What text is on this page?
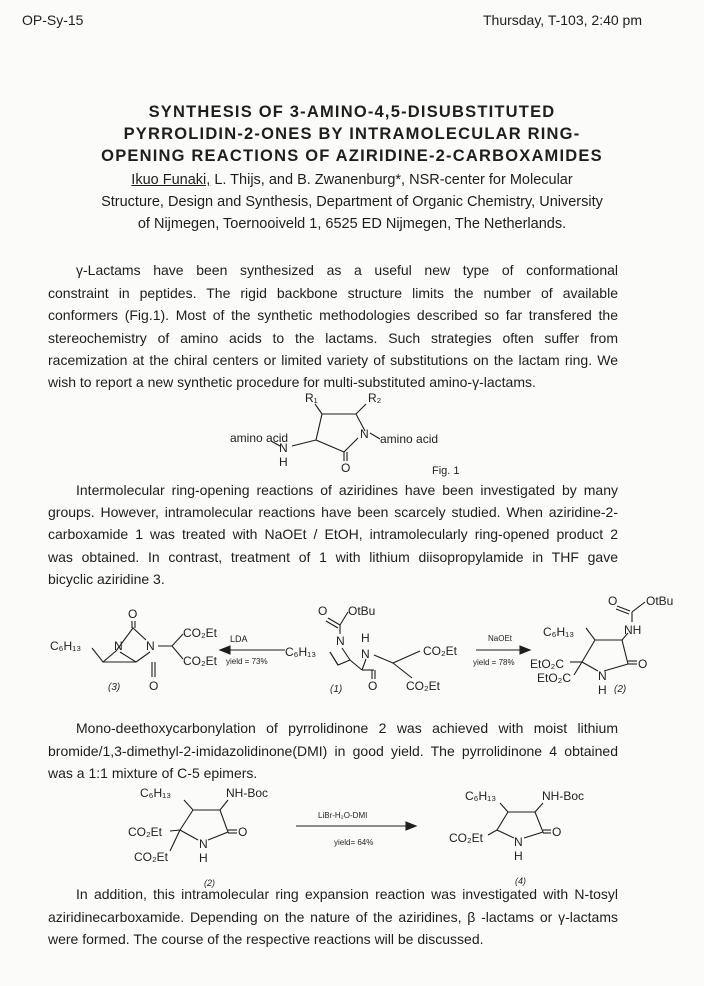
OP-Sy-15	Thursday, T-103, 2:40 pm
SYNTHESIS OF 3-AMINO-4,5-DISUBSTITUTED
PYRROLIDIN-2-ONES BY INTRAMOLECULAR RING-
OPENING REACTIONS OF AZIRIDINE-2-CARBOXAMIDES
Ikuo Funaki, L. Thijs, and B. Zwanenburg*, NSR-center for Molecular
Structure, Design and Synthesis, Department of Organic Chemistry, University
of Nijmegen, Toernooiveld 1, 6525 ED Nijmegen, The Netherlands.
γ-Lactams have been synthesized as a useful new type of conformational
constraint in peptides. The rigid backbone structure limits the number of available
conformers (Fig.1). Most of the synthetic methodologies described so far transfered the
stereochemistry of amino acids to the lactams. Such strategies often suffer from
racemization at the chiral centers or limited variety of substitutions on the lactam ring. We
wish to report a new synthetic procedure for multi-substituted amino-γ-lactams.
Intermolecular ring-opening reactions of aziridines have been investigated by many
groups. However, intramolecular reactions have been scarcely studied. When aziridine-2-
carboxamide 1 was treated with NaOEt / EtOH, intramolecularly ring-opened product 2
was obtained. In contrast, treatment of 1 with lithium diisopropylamide in THF gave
bicyclic aziridine 3.
Mono-deethoxycarbonylation of pyrrolidinone 2 was achieved with moist lithium
bromide/1,3-dimethyl-2-imidazolidinone(DMI) in good yield. The pyrrolidinone 4 obtained
was a 1:1 mixture of C-5 epimers.
In addition, this intramolecular ring expansion reaction was investigated with N-tosyl
aziridinecarboxamide. Depending on the nature of the aziridines, β -lactams or γ-lactams
were formed. The course of the respective reactions will be discussed.
R₁	R₂
amino acid
N
H
N
O
amino acid
Fig. 1
O
C₆H₁₃	N N
CO₂Et
CO₂Et
O
(3)
LDA
yield = 73%
O OtBu
N
C₆H₁₃
H
N	CO₂Et
O
(1)	CO₂Et
NaOEt
yield = 78%
O OtBu
NH
C₆H₁₃
EtO₂C
EtO₂C
O
N
H (2)
C₆H₁₃	NH-Boc
CO₂Et
CO₂Et
N
H
O
(2)
LiBr-H₂O-DMI
yield= 64%
C₆H₁₃	NH-Boc
CO₂Et	N
H
O
(4)
